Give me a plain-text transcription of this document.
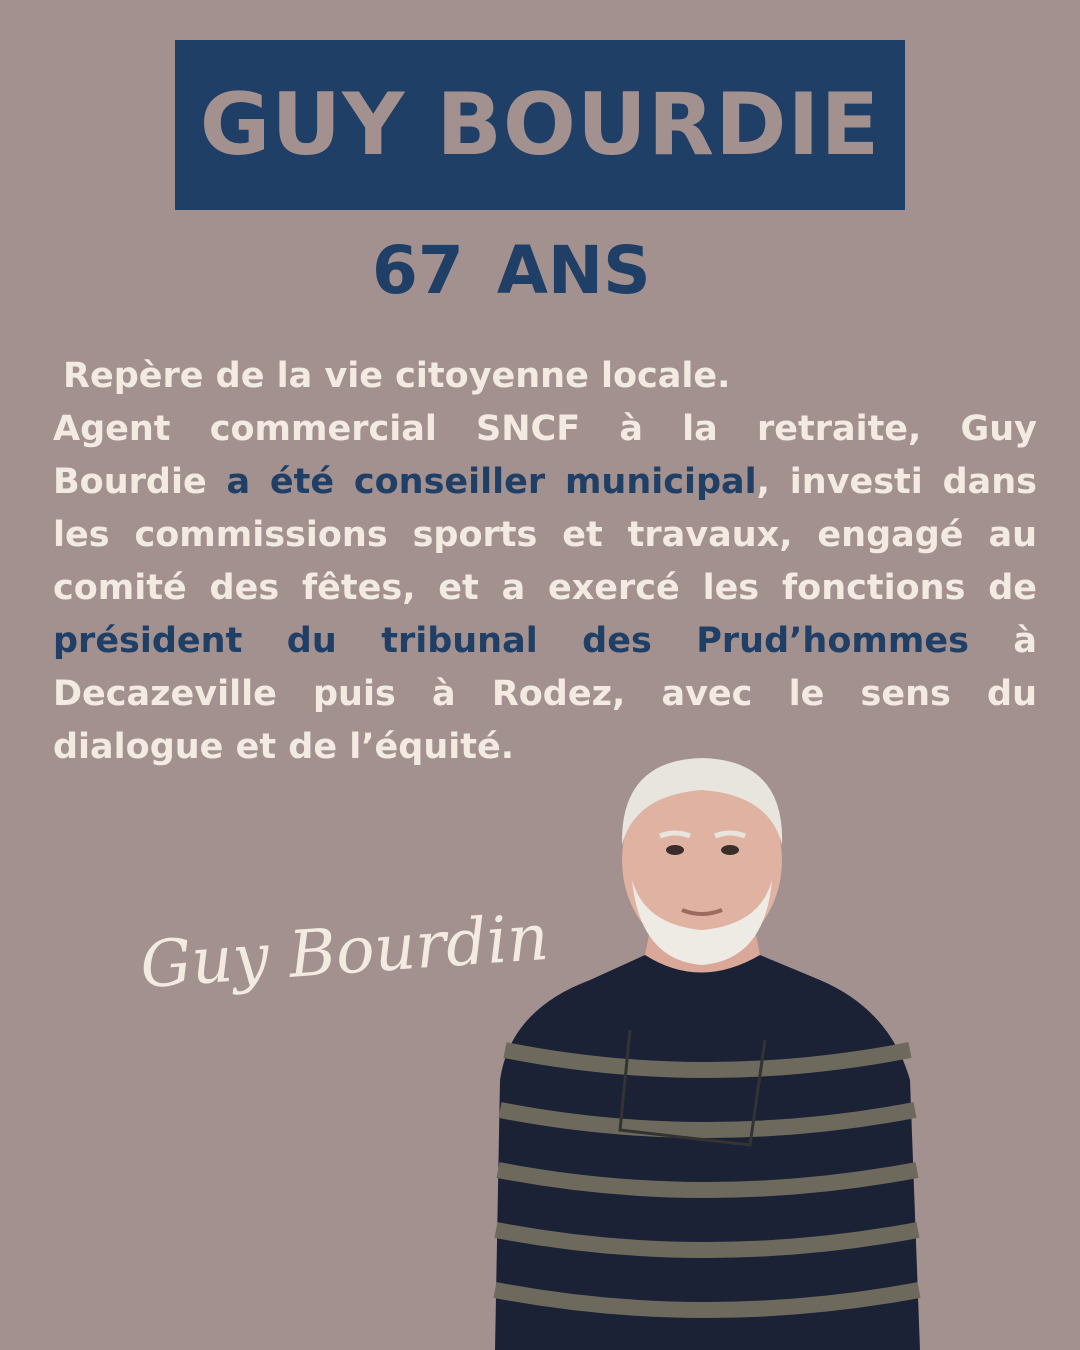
GUY BOURDIE
67 ANS
Repère de la vie citoyenne locale.
Agent commercial SNCF à la retraite, Guy Bourdie a été conseiller municipal, investi dans les commissions sports et travaux, engagé au comité des fêtes, et a exercé les fonctions de président du tribunal des Prud’hommes à Decazeville puis à Rodez, avec le sens du dialogue et de l’équité.
Guy Bourdin
